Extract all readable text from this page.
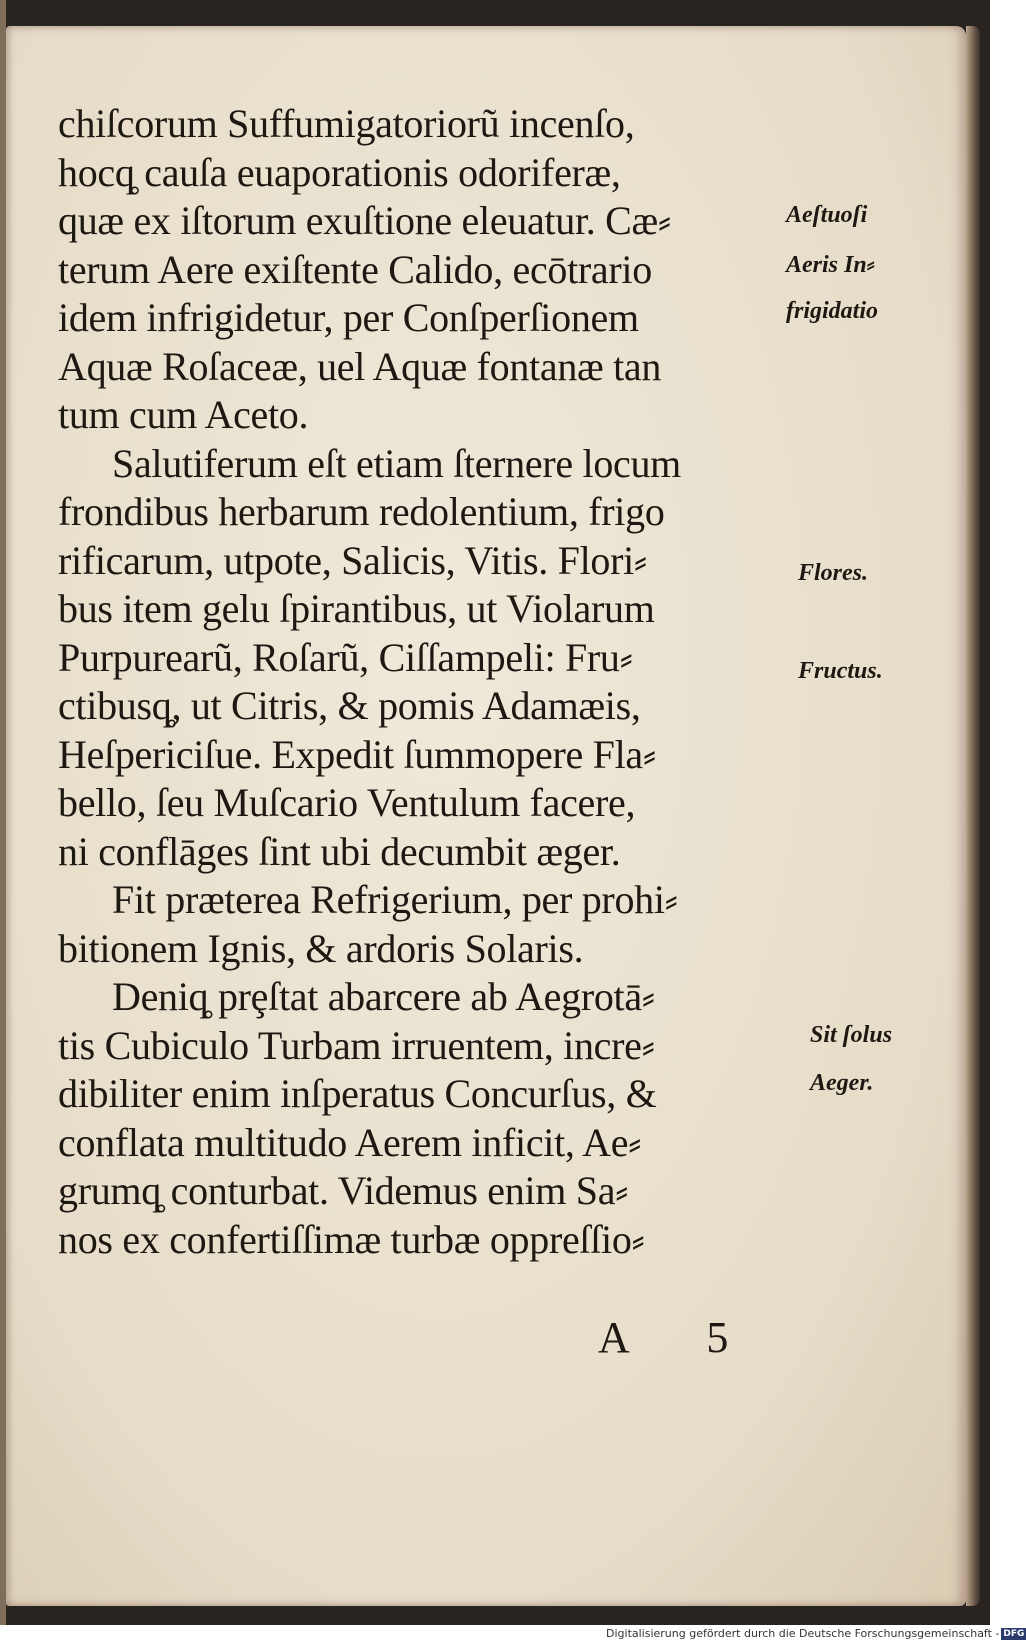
chiſcorum Suffumigatoriorũ incenſo,
hocq̥ cauſa euaporationis odoriferæ,
quæ ex iſtorum exuſtione eleuatur. Cæ⸗
terum Aere exiſtente Calido, ecōtrario
idem infrigidetur, per Conſperſionem
Aquæ Roſaceæ, uel Aquæ fontanæ tan
tum cum Aceto.
Salutiferum eſt etiam ſternere locum
frondibus herbarum redolentium, frigo
rificarum, utpote, Salicis, Vitis. Flori⸗
bus item gelu ſpirantibus, ut Violarum
Purpurearũ, Roſarũ, Ciſſampeli: Fru⸗
ctibusq̥, ut Citris, & pomis Adamæis,
Heſpericiſue. Expedit ſummopere Fla⸗
bello, ſeu Muſcario Ventulum facere,
ni conflāges ſint ubi decumbit æger.
Fit præterea Refrigerium, per prohi⸗
bitionem Ignis, & ardoris Solaris.
Deniq̥ prȩſtat abarcere ab Aegrotā⸗
tis Cubiculo Turbam irruentem, incre⸗
dibiliter enim inſperatus Concurſus, &
conflata multitudo Aerem inficit, Ae⸗
grumq̥ conturbat. Videmus enim Sa⸗
nos ex confertiſſimæ turbæ oppreſſio⸗
Aeſtuoſi
Aeris In⸗
frigidatio
Flores.
Fructus.
Sit ſolus
Aeger.
A 5
Digitalisierung gefördert durch die Deutsche Forschungsgemeinschaft - DFG
